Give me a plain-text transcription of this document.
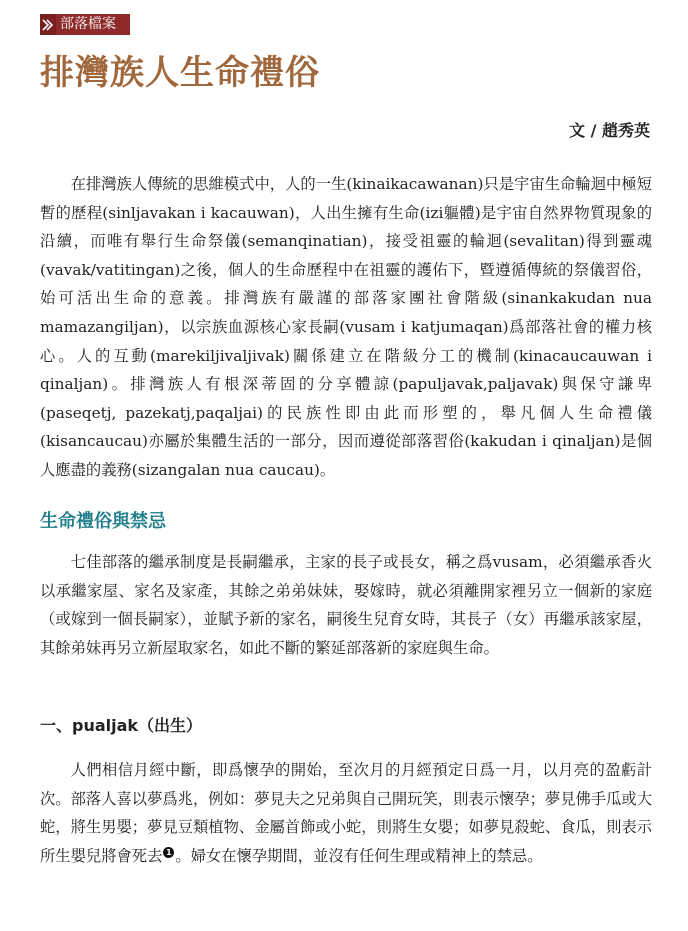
部落檔案
排灣族人生命禮俗
文 / 趙秀英

在排灣族人傳統的思維模式中，人的一生(kinaikacawanan)只是宇宙生命輪迴中極短暫的歷程(sinljavakan i kacauwan)，人出生擁有生命(izi軀體)是宇宙自然界物質現象的沿續，而唯有舉行生命祭儀(semanqinatian)，接受祖靈的輪迴(sevalitan)得到靈魂(vavak/vatitingan)之後，個人的生命歷程中在祖靈的護佑下，暨遵循傳統的祭儀習俗，始可活出生命的意義。排灣族有嚴謹的部落家團社會階級(sinankakudan nua mamazangiljan)，以宗族血源核心家長嗣(vusam i katjumaqan)爲部落社會的權力核心。人的互動(marekiljivaljivak)關係建立在階級分工的機制(kinacaucauwan i qinaljan)。排灣族人有根深蒂固的分享體諒(papuljavak,paljavak)與保守謙卑(paseqetj, pazekatj,paqaljai)的民族性即由此而形塑的，舉凡個人生命禮儀(kisancaucau)亦屬於集體生活的一部分，因而遵從部落習俗(kakudan i qinaljan)是個人應盡的義務(sizangalan nua caucau)。

生命禮俗與禁忌

七佳部落的繼承制度是長嗣繼承，主家的長子或長女，稱之爲vusam，必須繼承香火以承繼家屋、家名及家產，其餘之弟弟妹妹，娶嫁時，就必須離開家裡另立一個新的家庭（或嫁到一個長嗣家），並賦予新的家名，嗣後生兒育女時，其長子（女）再繼承該家屋，其餘弟妹再另立新屋取家名，如此不斷的繁延部落新的家庭與生命。

一、pualjak（出生）

人們相信月經中斷，即爲懷孕的開始，至次月的月經預定日爲一月，以月亮的盈虧計次。部落人喜以夢爲兆，例如：夢見夫之兄弟與自己開玩笑，則表示懷孕；夢見佛手瓜或大蛇，將生男嬰；夢見豆類植物、金屬首飾或小蛇，則將生女嬰；如夢見殺蛇、食瓜，則表示所生嬰兒將會死去 1 。婦女在懷孕期間，並沒有任何生理或精神上的禁忌。
